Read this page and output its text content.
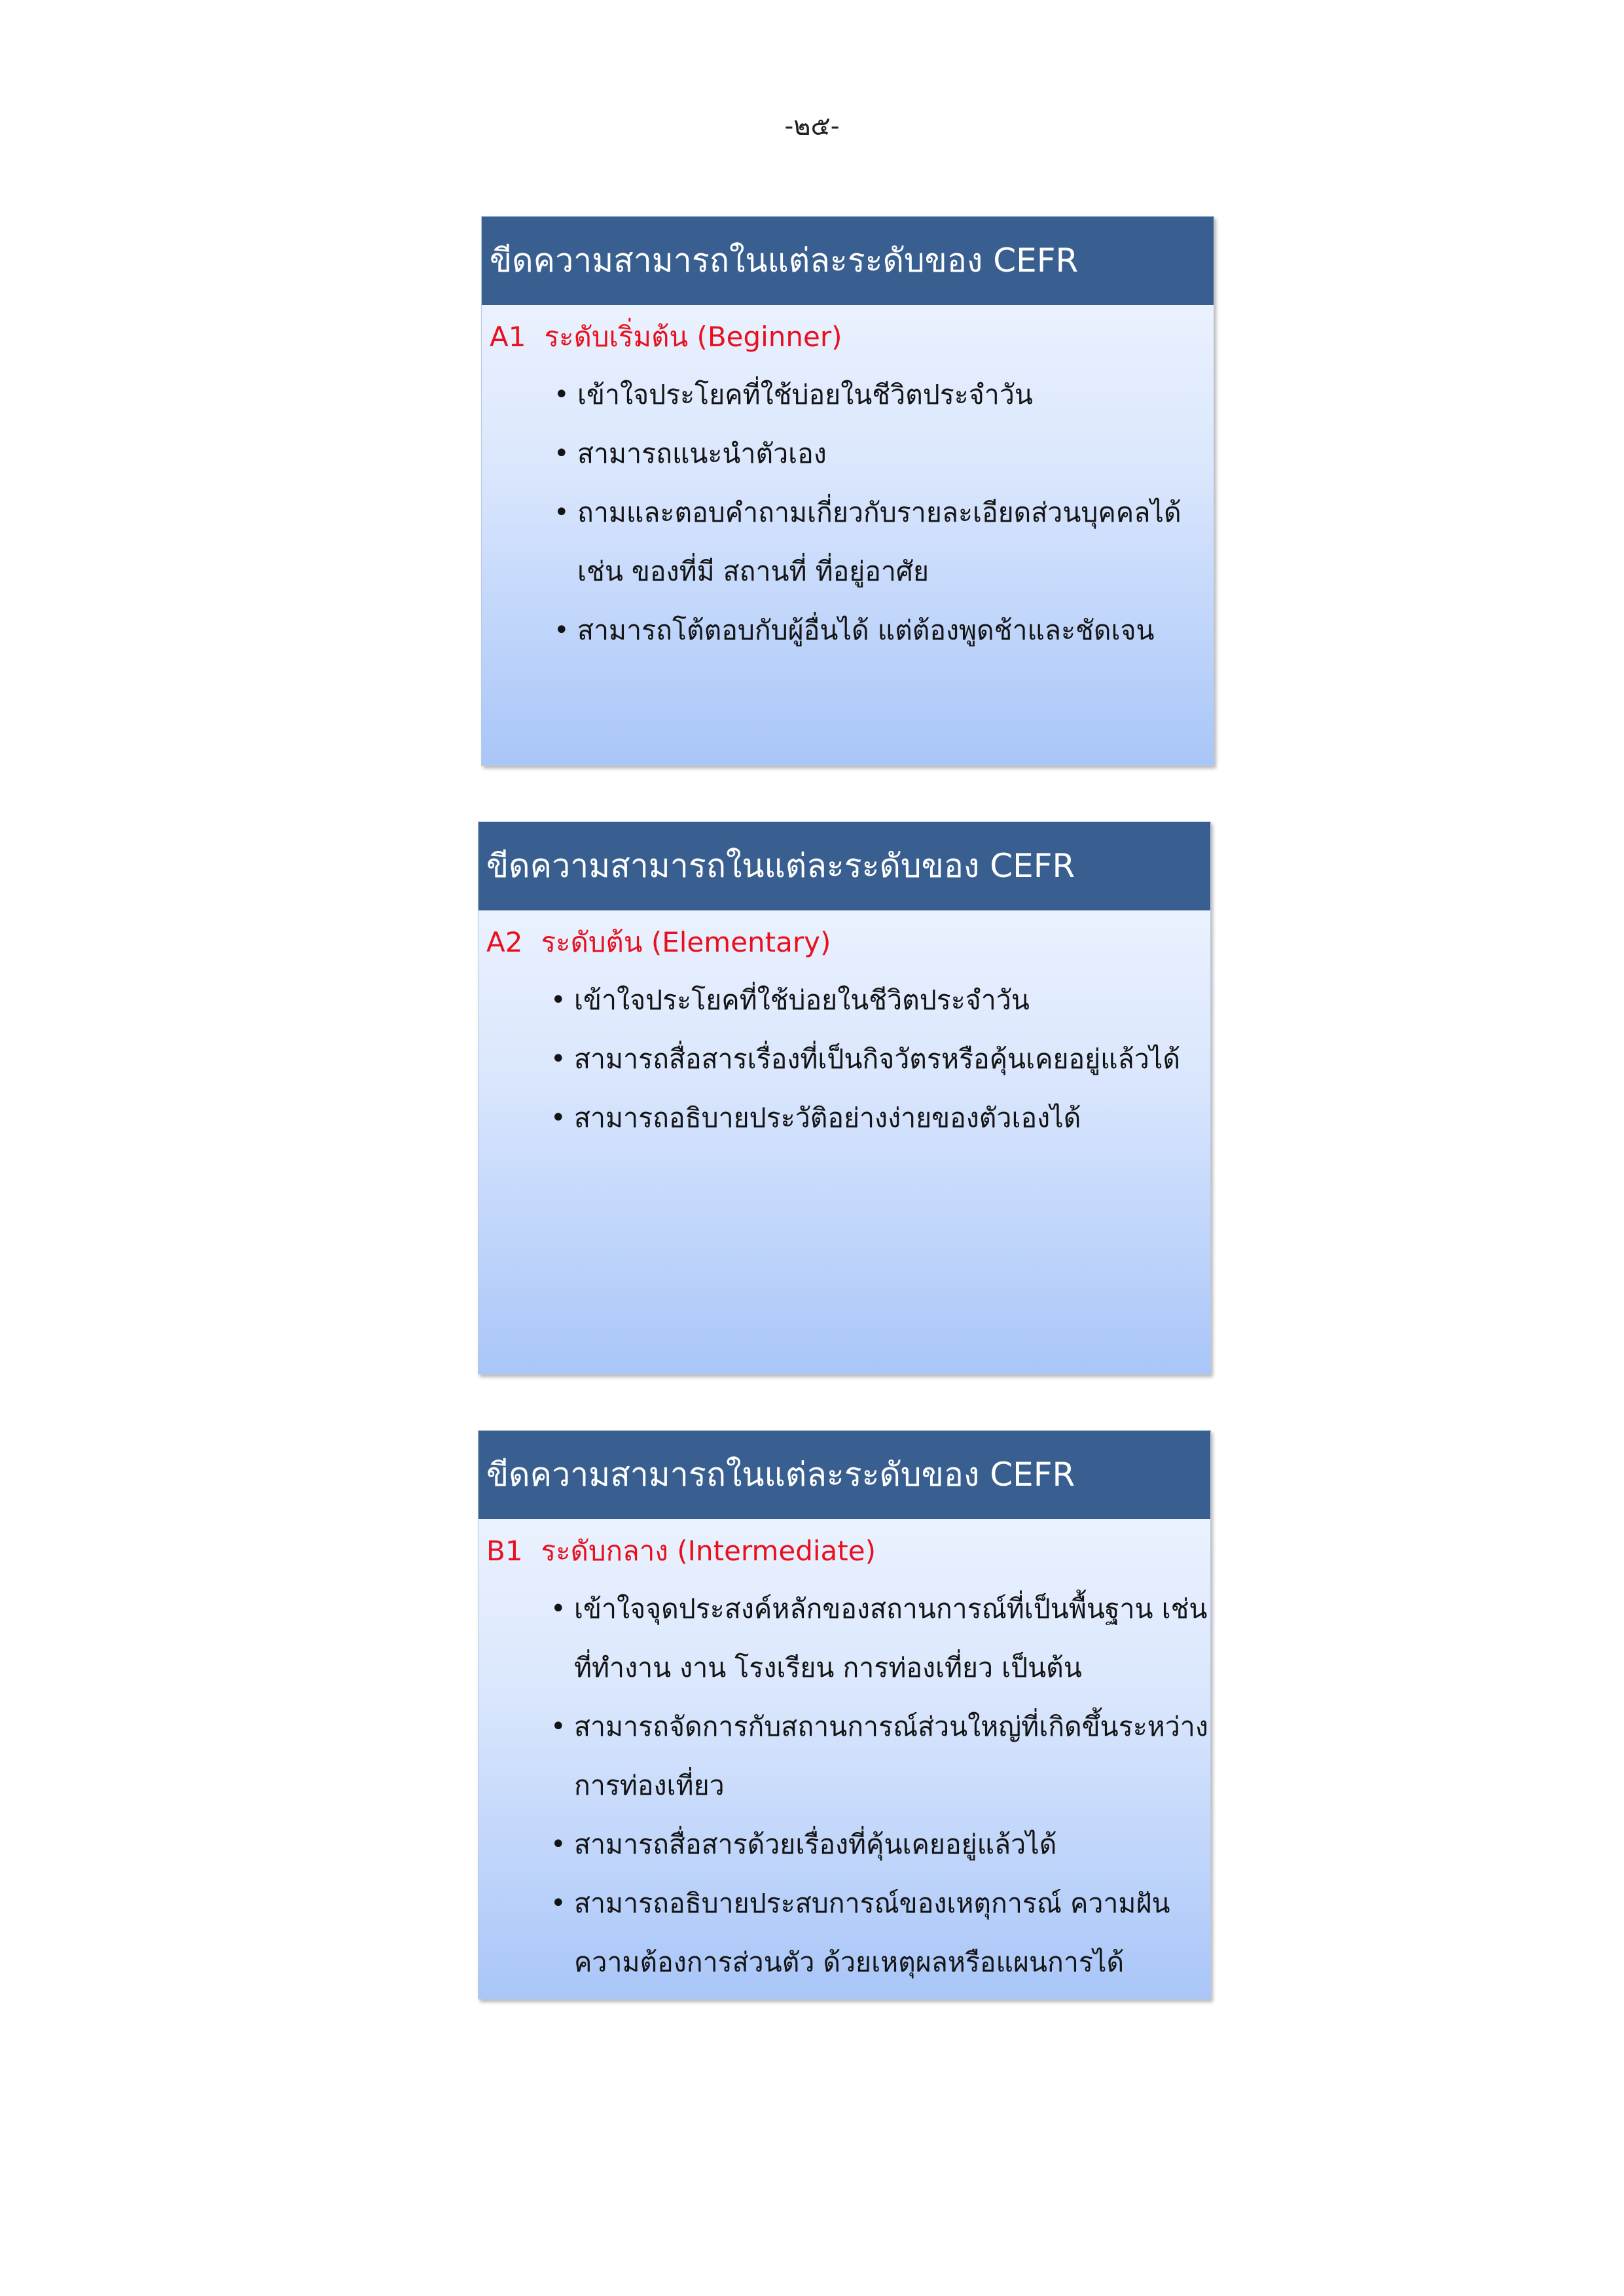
-๒๕-
ขีดความสามารถในแต่ละระดับของ CEFR
A1 ระดับเริ่มต้น (Beginner)
• เข้าใจประโยคที่ใช้บ่อยในชีวิตประจำวัน
• สามารถแนะนำตัวเอง
• ถามและตอบคำถามเกี่ยวกับรายละเอียดส่วนบุคคลได้
เช่น ของที่มี สถานที่ ที่อยู่อาศัย
• สามารถโต้ตอบกับผู้อื่นได้ แต่ต้องพูดช้าและชัดเจน
ขีดความสามารถในแต่ละระดับของ CEFR
A2 ระดับต้น (Elementary)
• เข้าใจประโยคที่ใช้บ่อยในชีวิตประจำวัน
• สามารถสื่อสารเรื่องที่เป็นกิจวัตรหรือคุ้นเคยอยู่แล้วได้
• สามารถอธิบายประวัติอย่างง่ายของตัวเองได้
ขีดความสามารถในแต่ละระดับของ CEFR
B1 ระดับกลาง (Intermediate)
• เข้าใจจุดประสงค์หลักของสถานการณ์ที่เป็นพื้นฐาน เช่น
ที่ทำงาน งาน โรงเรียน การท่องเที่ยว เป็นต้น
• สามารถจัดการกับสถานการณ์ส่วนใหญ่ที่เกิดขึ้นระหว่าง
การท่องเที่ยว
• สามารถสื่อสารด้วยเรื่องที่คุ้นเคยอยู่แล้วได้
• สามารถอธิบายประสบการณ์ของเหตุการณ์ ความฝัน
ความต้องการส่วนตัว ด้วยเหตุผลหรือแผนการได้
